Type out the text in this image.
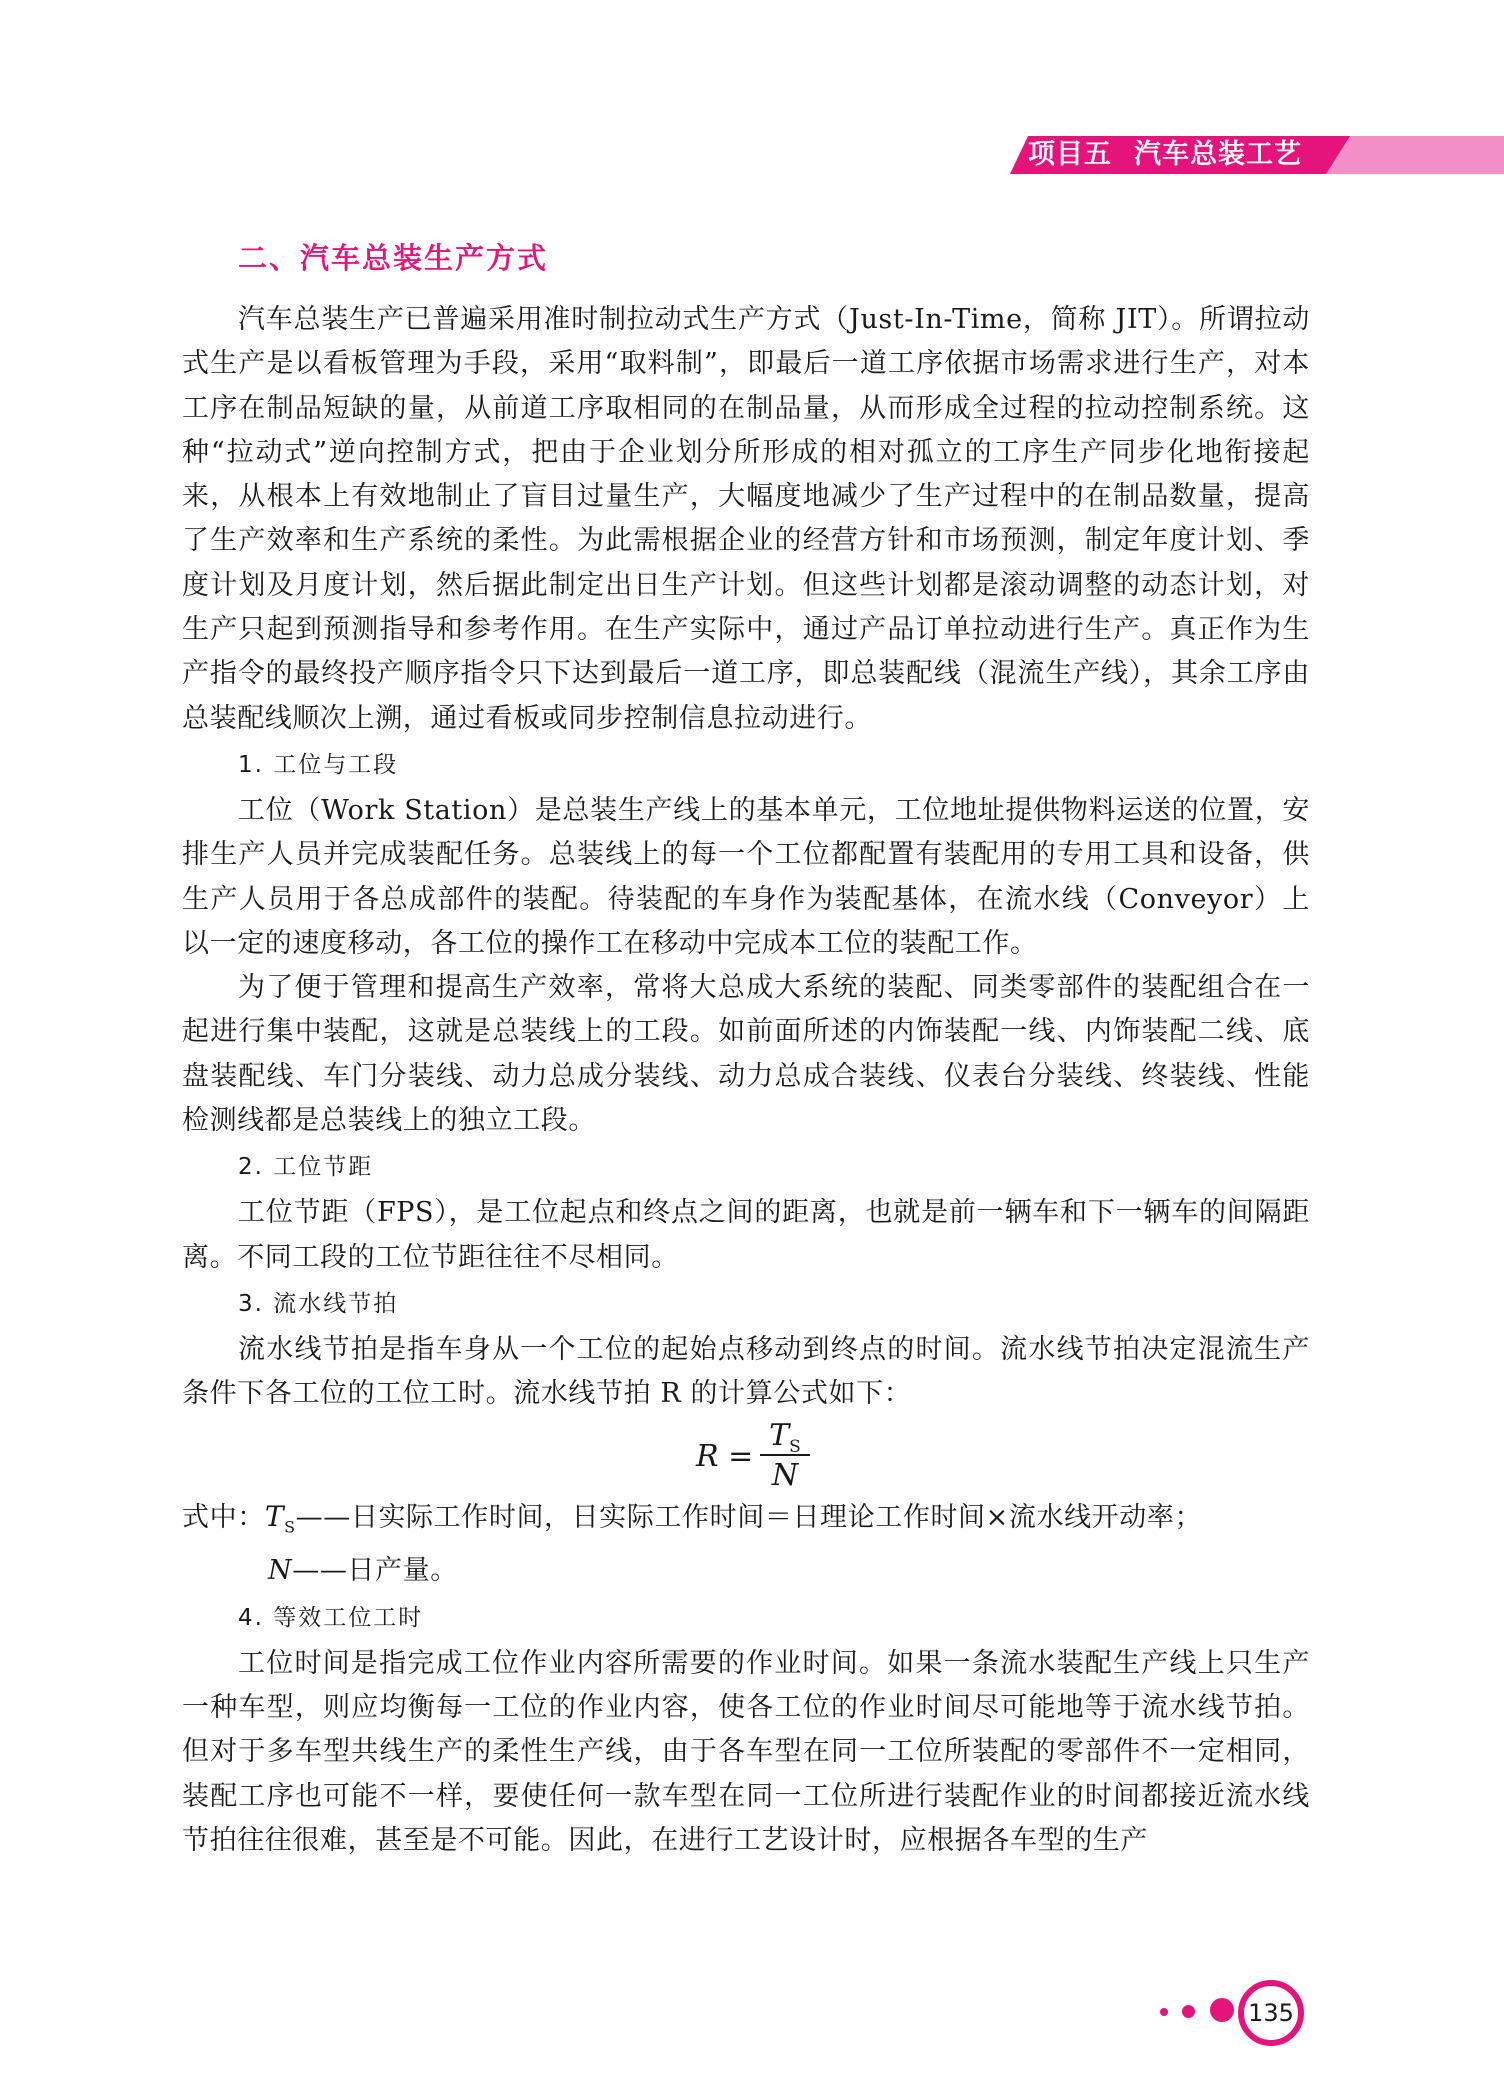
项目五 汽车总装工艺
二、汽车总装生产方式

汽车总装生产已普遍采用准时制拉动式生产方式（Just-In-Time，简称 JIT）。所谓拉动式生产是以看板管理为手段，采用“取料制”，即最后一道工序依据市场需求进行生产，对本工序在制品短缺的量，从前道工序取相同的在制品量，从而形成全过程的拉动控制系统。这种“拉动式”逆向控制方式，把由于企业划分所形成的相对孤立的工序生产同步化地衔接起来，从根本上有效地制止了盲目过量生产，大幅度地减少了生产过程中的在制品数量，提高了生产效率和生产系统的柔性。为此需根据企业的经营方针和市场预测，制定年度计划、季度计划及月度计划，然后据此制定出日生产计划。但这些计划都是滚动调整的动态计划，对生产只起到预测指导和参考作用。在生产实际中，通过产品订单拉动进行生产。真正作为生产指令的最终投产顺序指令只下达到最后一道工序，即总装配线（混流生产线），其余工序由总装配线顺次上溯，通过看板或同步控制信息拉动进行。

1. 工位与工段

工位（Work Station）是总装生产线上的基本单元，工位地址提供物料运送的位置，安排生产人员并完成装配任务。总装线上的每一个工位都配置有装配用的专用工具和设备，供生产人员用于各总成部件的装配。待装配的车身作为装配基体，在流水线（Conveyor）上以一定的速度移动，各工位的操作工在移动中完成本工位的装配工作。

为了便于管理和提高生产效率，常将大总成大系统的装配、同类零部件的装配组合在一起进行集中装配，这就是总装线上的工段。如前面所述的内饰装配一线、内饰装配二线、底盘装配线、车门分装线、动力总成分装线、动力总成合装线、仪表台分装线、终装线、性能检测线都是总装线上的独立工段。

2. 工位节距

工位节距（FPS），是工位起点和终点之间的距离，也就是前一辆车和下一辆车的间隔距离。不同工段的工位节距往往不尽相同。

3. 流水线节拍

流水线节拍是指车身从一个工位的起始点移动到终点的时间。流水线节拍决定混流生产条件下各工位的工位工时。流水线节拍 R 的计算公式如下：

R =
$T_S$
N

式中：$T_S——$日实际工作时间，日实际工作时间＝日理论工作时间×流水线开动率；

N——日产量。

4. 等效工位工时

工位时间是指完成工位作业内容所需要的作业时间。如果一条流水装配生产线上只生产一种车型，则应均衡每一工位的作业内容，使各工位的作业时间尽可能地等于流水线节拍。但对于多车型共线生产的柔性生产线，由于各车型在同一工位所装配的零部件不一定相同，装配工序也可能不一样，要使任何一款车型在同一工位所进行装配作业的时间都接近流水线节拍往往很难，甚至是不可能。因此，在进行工艺设计时，应根据各车型的生产

135
